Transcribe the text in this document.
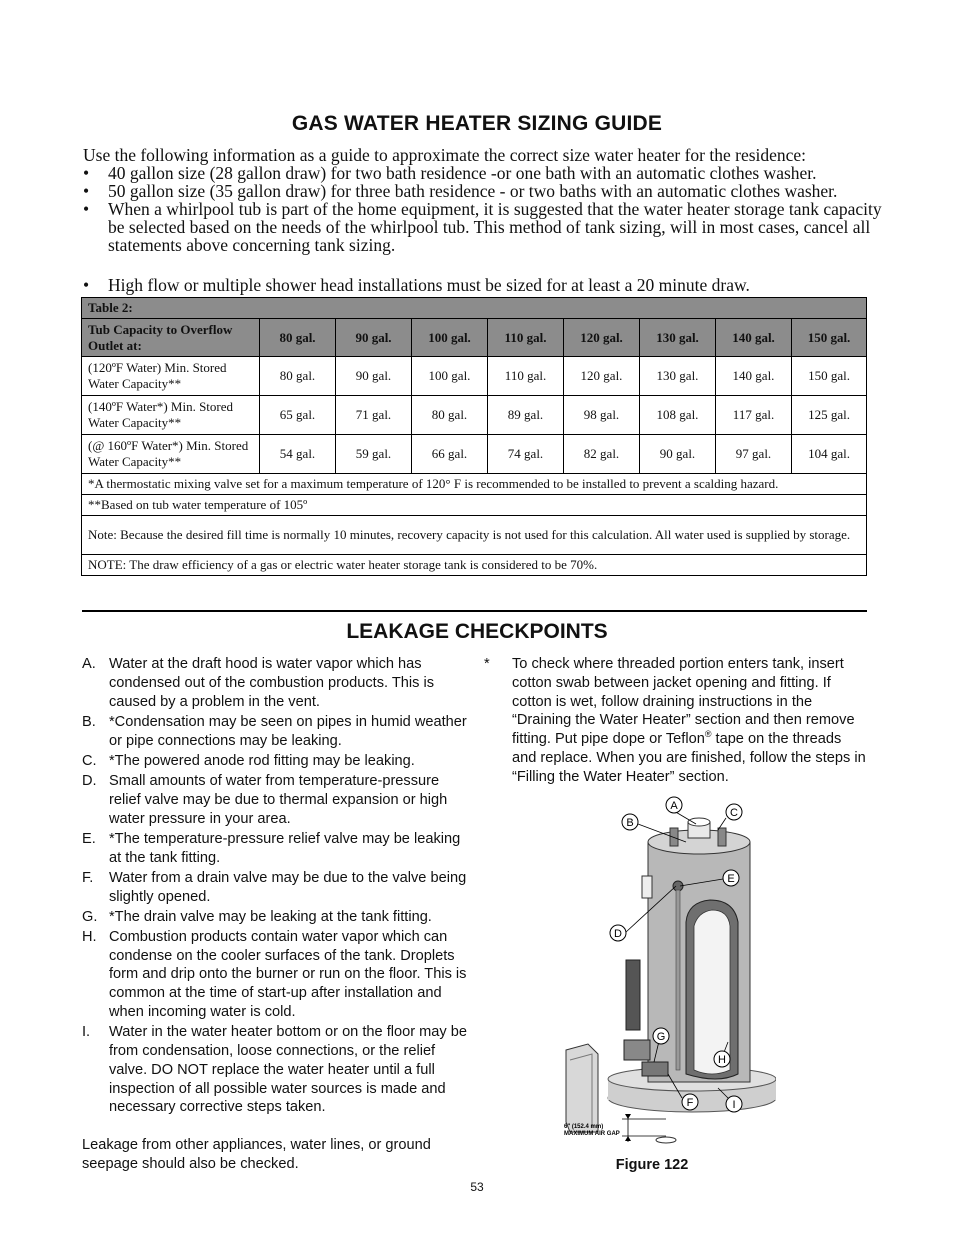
GAS WATER HEATER SIZING GUIDE
Use the following information as a guide to approximate the correct size water heater for the residence:
• 40 gallon size (28 gallon draw) for two bath residence -or one bath with an automatic clothes washer.
• 50 gallon size (35 gallon draw) for three bath residence - or two baths with an automatic clothes washer.
• When a whirlpool tub is part of the home equipment, it is suggested that the water heater storage tank capacity be selected based on the needs of the whirlpool tub. This method of tank sizing, will in most cases, cancel all statements above concerning tank sizing.
• High flow or multiple shower head installations must be sized for at least a 20 minute draw.
Table 2:								
Tub Capacity to Overflow Outlet at:	80 gal.	90 gal.	100 gal.	110 gal.	120 gal.	130 gal.	140 gal.	150 gal.
(120ºF Water) Min. Stored Water Capacity**	80 gal.	90 gal.	100 gal.	110 gal.	120 gal.	130 gal.	140 gal.	150 gal.
(140ºF Water*) Min. Stored Water Capacity**	65 gal.	71 gal.	80 gal.	89 gal.	98 gal.	108 gal.	117 gal.	125 gal.
(@ 160ºF Water*) Min. Stored Water Capacity**	54 gal.	59 gal.	66 gal.	74 gal.	82 gal.	90 gal.	97 gal.	104 gal.
*A thermostatic mixing valve set for a maximum temperature of 120° F is recommended to be installed to prevent a scalding hazard.								
**Based on tub water temperature of 105º								
Note: Because the desired fill time is normally 10 minutes, recovery capacity is not used for this calculation. All water used is supplied by storage.								
NOTE: The draw efficiency of a gas or electric water heater storage tank is considered to be 70%.								
LEAKAGE CHECKPOINTS
A. Water at the draft hood is water vapor which has condensed out of the combustion products. This is caused by a problem in the vent.
B. *Condensation may be seen on pipes in humid weather or pipe connections may be leaking.
C. *The powered anode rod fitting may be leaking.
D. Small amounts of water from temperature-pressure relief valve may be due to thermal expansion or high water pressure in your area.
E. *The temperature-pressure relief valve may be leaking at the tank fitting.
F. Water from a drain valve may be due to the valve being slightly opened.
G. *The drain valve may be leaking at the tank fitting.
H. Combustion products contain water vapor which can condense on the cooler surfaces of the tank. Droplets form and drip onto the burner or run on the floor. This is common at the time of start-up after installation and when incoming water is cold.
I. Water in the water heater bottom or on the floor may be from condensation, loose connections, or the relief valve. DO NOT replace the water heater until a full inspection of all possible water sources is made and necessary corrective steps taken.
Leakage from other appliances, water lines, or ground seepage should also be checked.
*	To check where threaded portion enters tank, insert cotton swab between jacket opening and fitting. If cotton is wet, follow draining instructions in the “Draining the Water Heater” section and then remove fitting. Put pipe dope or Teflon® tape on the threads and replace. When you are finished, follow the steps in “Filling the Water Heater” section.
6" (152.4 mm)
MAXIMUM AIR GAP
A
B
C
D
E
F
G
H
I
Figure 122
53
